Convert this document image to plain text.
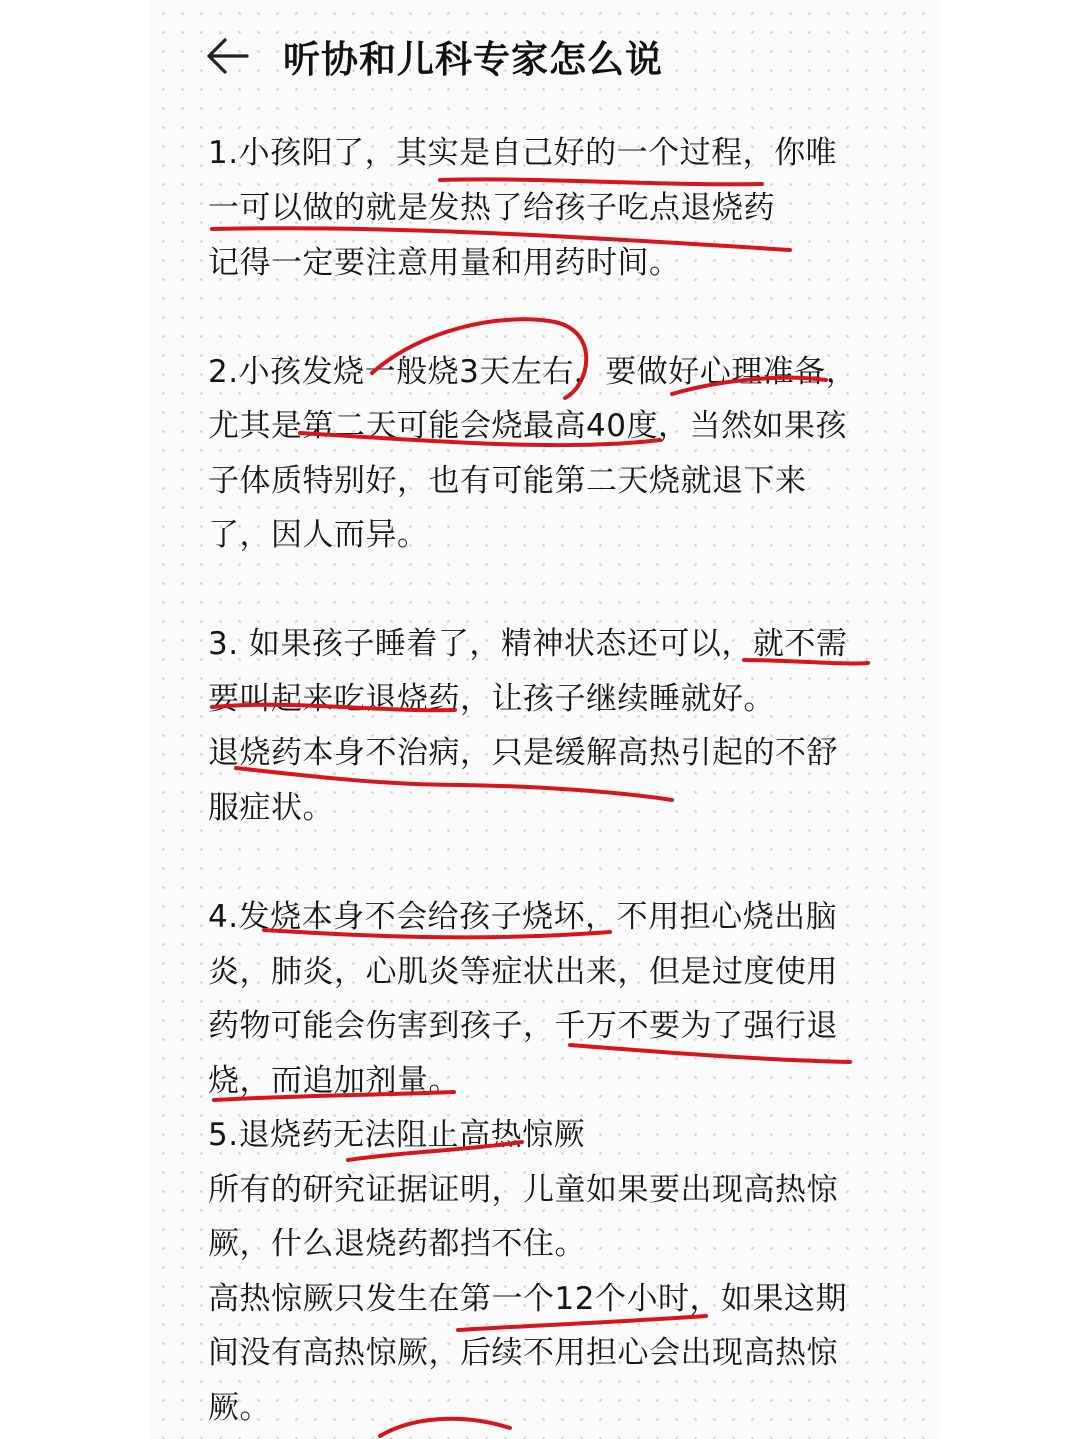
听协和儿科专家怎么说
1.小孩阳了，其实是自己好的一个过程，你唯
一可以做的就是发热了给孩子吃点退烧药
记得一定要注意用量和用药时间。
2.小孩发烧一般烧3天左右，要做好心理准备，
尤其是第二天可能会烧最高40度，当然如果孩
子体质特别好，也有可能第二天烧就退下来
了，因人而异。
3. 如果孩子睡着了，精神状态还可以，就不需
要叫起来吃退烧药，让孩子继续睡就好。
退烧药本身不治病，只是缓解高热引起的不舒
服症状。
4.发烧本身不会给孩子烧坏，不用担心烧出脑
炎，肺炎，心肌炎等症状出来，但是过度使用
药物可能会伤害到孩子，千万不要为了强行退
烧，而追加剂量。
5.退烧药无法阻止高热惊厥
所有的研究证据证明，儿童如果要出现高热惊
厥，什么退烧药都挡不住。
高热惊厥只发生在第一个12个小时，如果这期
间没有高热惊厥，后续不用担心会出现高热惊
厥。
